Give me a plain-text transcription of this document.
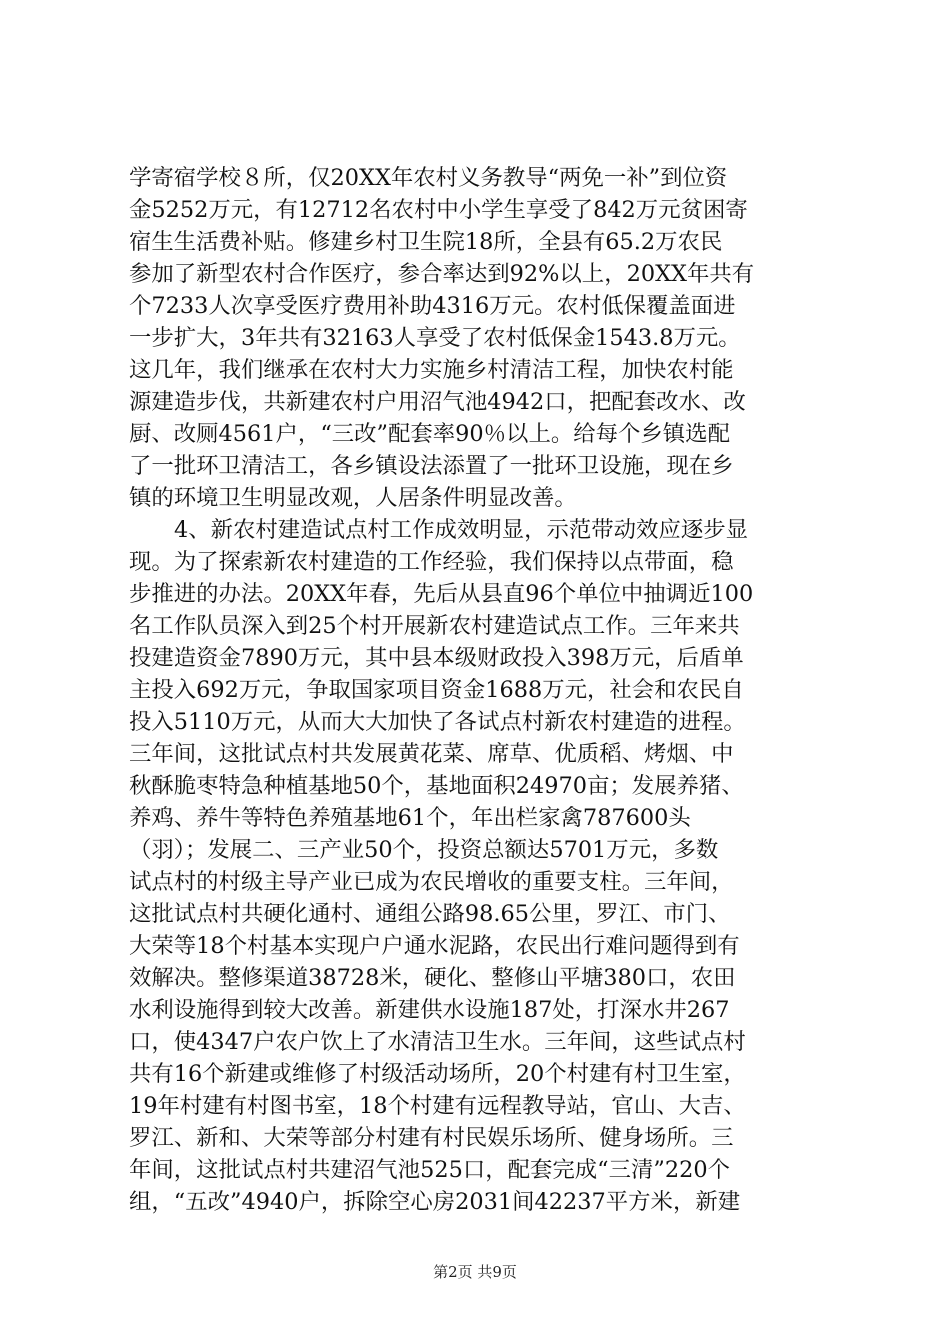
学寄宿学校８所，仅20XX年农村义务教导“两免一补”到位资
金5252万元，有12712名农村中小学生享受了842万元贫困寄
宿生生活费补贴。修建乡村卫生院18所，全县有65.2万农民
参加了新型农村合作医疗，参合率达到92%以上，20XX年共有
个7233人次享受医疗费用补助4316万元。农村低保覆盖面进
一步扩大，3年共有32163人享受了农村低保金1543.8万元。
这几年，我们继承在农村大力实施乡村清洁工程，加快农村能
源建造步伐，共新建农村户用沼气池4942口，把配套改水、改
厨、改厕4561户，“三改”配套率90％以上。给每个乡镇选配
了一批环卫清洁工，各乡镇设法添置了一批环卫设施，现在乡
镇的环境卫生明显改观，人居条件明显改善。
4、新农村建造试点村工作成效明显，示范带动效应逐步显
现。为了探索新农村建造的工作经验，我们保持以点带面，稳
步推进的办法。20XX年春，先后从县直96个单位中抽调近100
名工作队员深入到25个村开展新农村建造试点工作。三年来共
投建造资金7890万元，其中县本级财政投入398万元，后盾单
主投入692万元，争取国家项目资金1688万元，社会和农民自
投入5110万元，从而大大加快了各试点村新农村建造的进程。
三年间，这批试点村共发展黄花菜、席草、优质稻、烤烟、中
秋酥脆枣特急种植基地50个，基地面积24970亩；发展养猪、
养鸡、养牛等特色养殖基地61个，年出栏家禽787600头
（羽）；发展二、三产业50个，投资总额达5701万元，多数
试点村的村级主导产业已成为农民增收的重要支柱。三年间，
这批试点村共硬化通村、通组公路98.65公里，罗江、市门、
大荣等18个村基本实现户户通水泥路，农民出行难问题得到有
效解决。整修渠道38728米，硬化、整修山平塘380口，农田
水利设施得到较大改善。新建供水设施187处，打深水井267
口，使4347户农户饮上了水清洁卫生水。三年间，这些试点村
共有16个新建或维修了村级活动场所，20个村建有村卫生室，
19年村建有村图书室，18个村建有远程教导站，官山、大吉、
罗江、新和、大荣等部分村建有村民娱乐场所、健身场所。三
年间，这批试点村共建沼气池525口，配套完成“三清”220个
组，“五改”4940户，拆除空心房2031间42237平方米，新建
第2页 共9页
